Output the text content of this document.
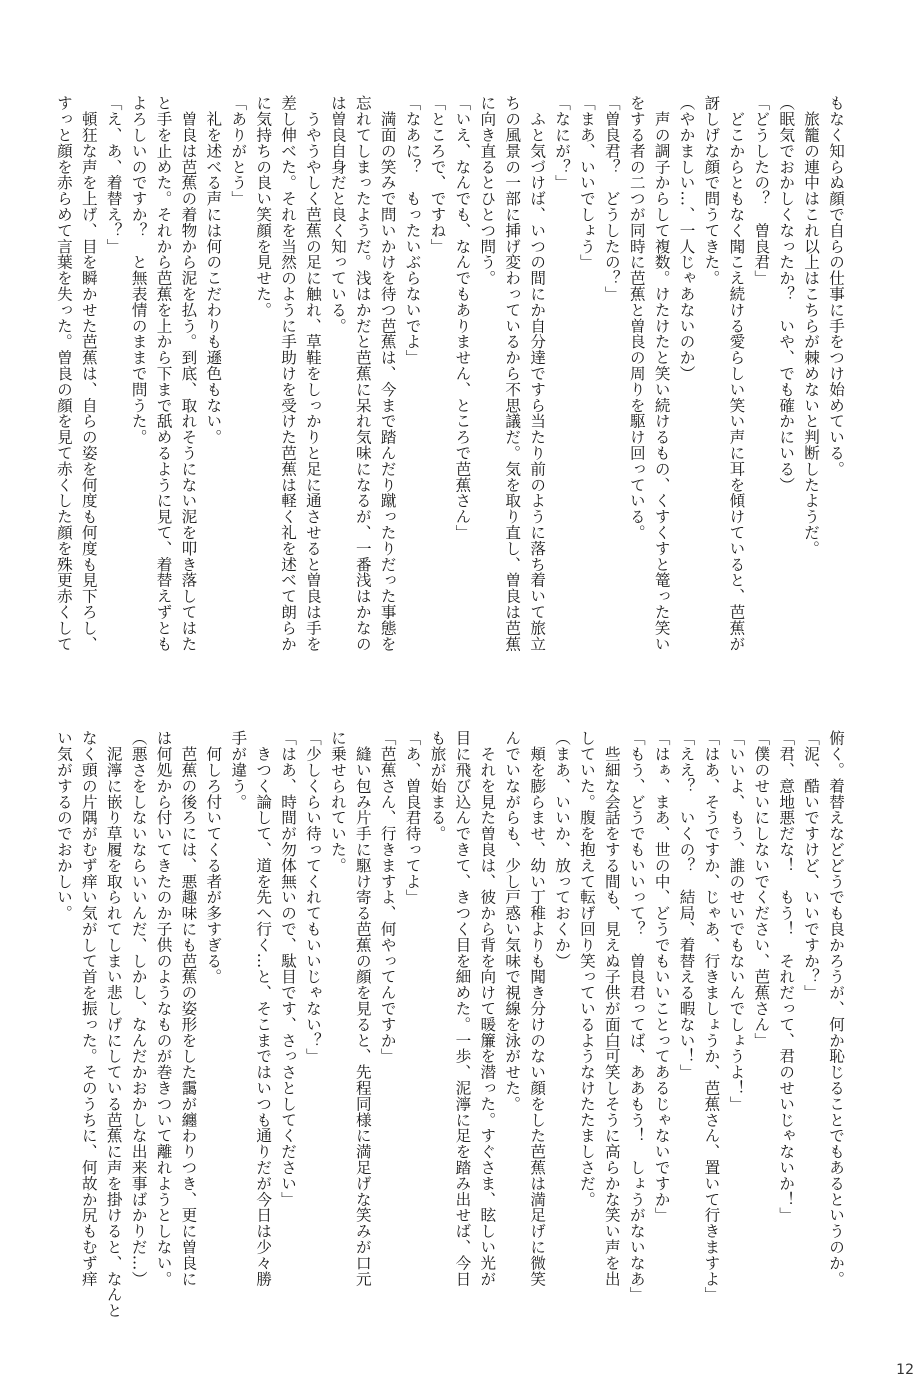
もなく知らぬ顔で自らの仕事に手をつけ始めている。
　旅籠の連中はこれ以上はこちらが棘めないと判断したようだ。
（眠気でおかしくなったか？　いや、でも確かにいる）
「どうしたの？　曽良君」
　どこからともなく聞こえ続ける愛らしい笑い声に耳を傾けていると、芭蕉が
訝しげな顔で問うてきた。
（やかましい…、一人じゃあないのか）
　声の調子からして複数。けたけたと笑い続けるもの、くすくすと篭った笑い
をする者の二つが同時に芭蕉と曽良の周りを駆け回っている。
「曽良君？　どうしたの？」
「まあ、いいでしょう」
「なにが？」
　ふと気づけば、いつの間にか自分達ですら当たり前のように落ち着いて旅立
ちの風景の一部に挿げ変わっているから不思議だ。気を取り直し、曽良は芭蕉
に向き直るとひとつ問う。
「いえ、なんでも、なんでもありません、ところで芭蕉さん」
「ところで、ですね」
「なあに？　もったいぶらないでよ」
　満面の笑みで問いかけを待つ芭蕉は、今まで踏んだり蹴ったりだった事態を
忘れてしまったようだ。浅はかだと芭蕉に呆れ気味になるが、一番浅はかなの
は曽良自身だと良く知っている。
　うやうやしく芭蕉の足に触れ、草鞋をしっかりと足に通させると曽良は手を
差し伸べた。それを当然のように手助けを受けた芭蕉は軽く礼を述べて朗らか
に気持ちの良い笑顔を見せた。
「ありがとう」
　礼を述べる声には何のこだわりも遜色もない。
　曽良は芭蕉の着物から泥を払う。到底、取れそうにない泥を叩き落してはた
と手を止めた。それから芭蕉を上から下まで舐めるように見て、着替えずとも
よろしいのですか？　と無表情のままで問うた。
「え、あ、着替え？」
　頓狂な声を上げ、目を瞬かせた芭蕉は、自らの姿を何度も何度も見下ろし、
すっと顔を赤らめて言葉を失った。曽良の顔を見て赤くした顔を殊更赤くして
俯く。着替えなどどうでも良かろうが、何か恥じることでもあるというのか。
「泥、酷いですけど、いいですか？」
「君、意地悪だな！　もう！　それだって、君のせいじゃないか！」
「僕のせいにしないでください、芭蕉さん」
「いいよ、もう、誰のせいでもないんでしょうよ！」
「はあ、そうですか、じゃあ、行きましょうか、芭蕉さん、置いて行きますよ」
「ええ？　いくの？　結局、着替える暇ない！」
「はぁ、まあ、世の中、どうでもいいことってあるじゃないですか」
「もう、どうでもいいって？　曽良君ってば、ああもう！　しょうがないなあ」
　些細な会話をする間も、見えぬ子供が面白可笑しそうに高らかな笑い声を出
していた。腹を抱えて転げ回り笑っているようなけたたましさだ。
（まあ、いいか、放っておくか）
　頬を膨らませ、幼い丁稚よりも聞き分けのない顔をした芭蕉は満足げに微笑
んでいながらも、少し戸惑い気味で視線を泳がせた。
　それを見た曽良は、彼から背を向けて暖簾を潜った。すぐさま、眩しい光が
目に飛び込んできて、きつく目を細めた。一歩、泥濘に足を踏み出せば、今日
も旅が始まる。
「あ、曽良君待ってよ」
「芭蕉さん、行きますよ、何やってんですか」
　縫い包み片手に駆け寄る芭蕉の顔を見ると、先程同様に満足げな笑みが口元
に乗せられていた。
「少しくらい待ってくれてもいいじゃない？」
「はあ、時間が勿体無いので、駄目です、さっさとしてください」
　きつく論して、道を先へ行く…と、そこまではいつも通りだが今日は少々勝
手が違う。
　何しろ付いてくる者が多すぎる。
　芭蕉の後ろには、悪趣味にも芭蕉の姿形をした靄が纏わりつき、更に曽良に
は何処から付いてきたのか子供のようなものが巻きついて離れようとしない。
（悪さをしないならいいんだ、しかし、なんだかおかしな出来事ばかりだ…）
　泥濘に嵌り草履を取られてしまい悲しげにしている芭蕉に声を掛けると、なんと
なく頭の片隅がむず痒い気がして首を振った。そのうちに、何故か尻もむず痒
い気がするのでおかしい。
12
